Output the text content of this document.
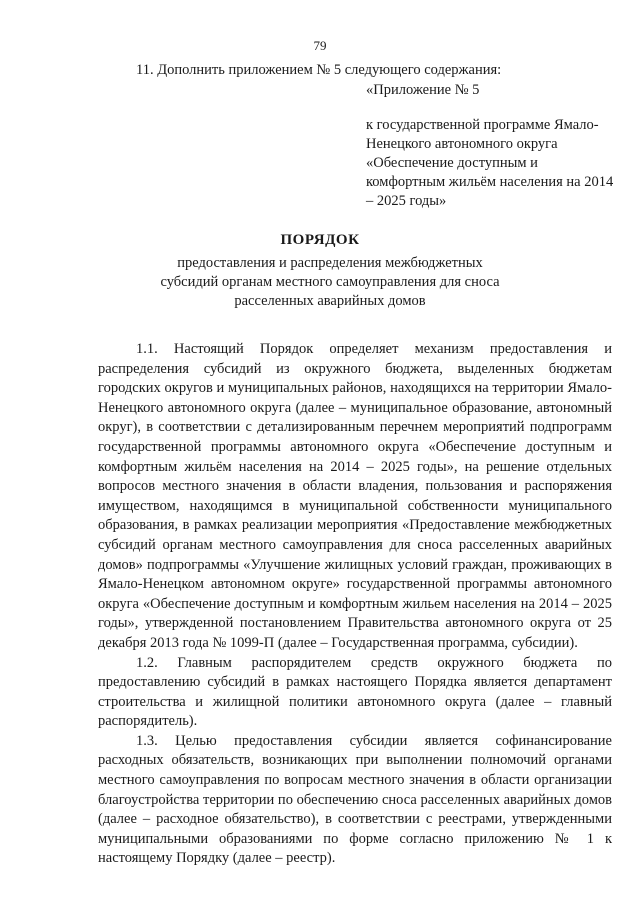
79
11. Дополнить приложением № 5 следующего содержания:
«Приложение № 5
к государственной программе Ямало-Ненецкого автономного округа «Обеспечение доступным и комфортным жильём населения на 2014 – 2025 годы»
ПОРЯДОК
предоставления и распределения межбюджетных субсидий органам местного самоуправления для сноса расселенных аварийных домов

1.1. Настоящий Порядок определяет механизм предоставления и распределения субсидий из окружного бюджета, выделенных бюджетам городских округов и муниципальных районов, находящихся на территории Ямало-Ненецкого автономного округа (далее – муниципальное образование, автономный округ), в соответствии с детализированным перечнем мероприятий подпрограмм государственной программы автономного округа «Обеспечение доступным и комфортным жильём населения на 2014 – 2025 годы», на решение отдельных вопросов местного значения в области владения, пользования и распоряжения имуществом, находящимся в муниципальной собственности муниципального образования, в рамках реализации мероприятия «Предоставление межбюджетных субсидий органам местного самоуправления для сноса расселенных аварийных домов» подпрограммы «Улучшение жилищных условий граждан, проживающих в Ямало-Ненецком автономном округе» государственной программы автономного округа «Обеспечение доступным и комфортным жильем населения на 2014 – 2025 годы», утвержденной постановлением Правительства автономного округа от 25 декабря 2013 года № 1099-П (далее – Государственная программа, субсидии).

1.2. Главным распорядителем средств окружного бюджета по предоставлению субсидий в рамках настоящего Порядка является департамент строительства и жилищной политики автономного округа (далее – главный распорядитель).

1.3. Целью предоставления субсидии является софинансирование расходных обязательств, возникающих при выполнении полномочий органами местного самоуправления по вопросам местного значения в области организации благоустройства территории по обеспечению сноса расселенных аварийных домов (далее – расходное обязательство), в соответствии с реестрами, утвержденными муниципальными образованиями по форме согласно приложению № 1 к настоящему Порядку (далее – реестр).
